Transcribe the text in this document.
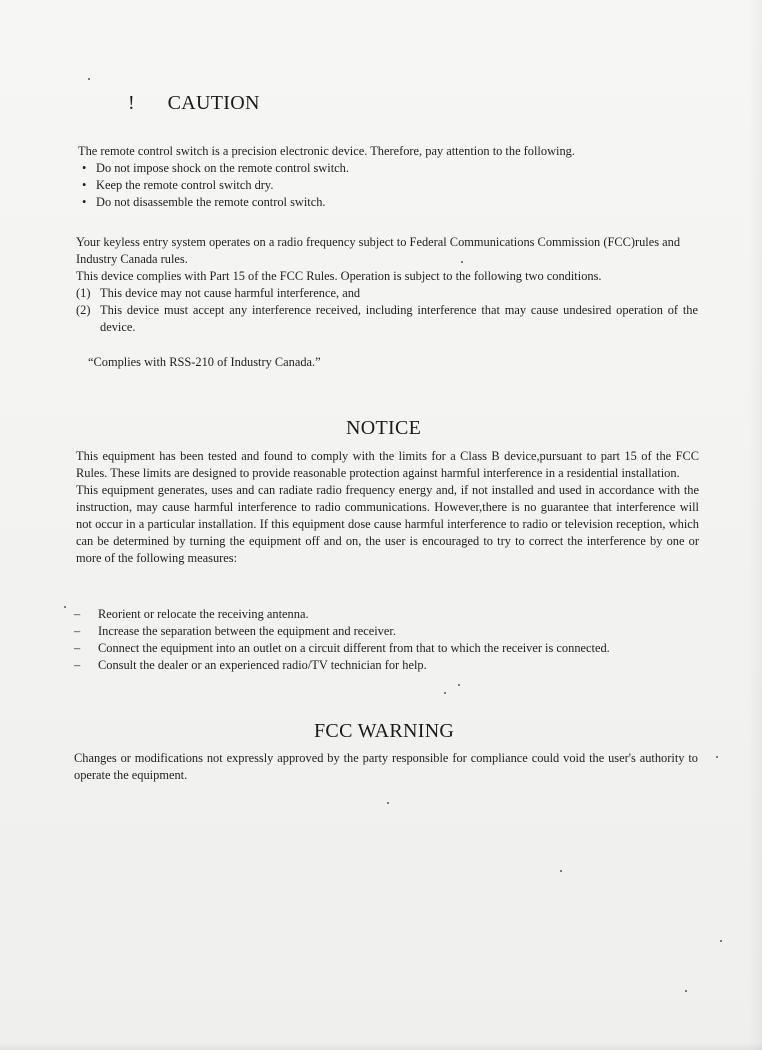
! CAUTION

The remote control switch is a precision electronic device. Therefore, pay attention to the following.

• Do not impose shock on the remote control switch.
• Keep the remote control switch dry.
• Do not disassemble the remote control switch.

Your keyless entry system operates on a radio frequency subject to Federal Communications Commission (FCC)rules and Industry Canada rules.

This device complies with Part 15 of the FCC Rules. Operation is subject to the following two conditions.

(1) This device may not cause harmful interference, and
(2) This device must accept any interference received, including interference that may cause undesired operation of the device.
“Complies with RSS-210 of Industry Canada.”
NOTICE

This equipment has been tested and found to comply with the limits for a Class B device,pursuant to part 15 of the FCC Rules. These limits are designed to provide reasonable protection against harmful interference in a residential installation.

This equipment generates, uses and can radiate radio frequency energy and, if not installed and used in accordance with the instruction, may cause harmful interference to radio communications. However,there is no guarantee that interference will not occur in a particular installation. If this equipment dose cause harmful interference to radio or television reception, which can be determined by turning the equipment off and on, the user is encouraged to try to correct the interference by one or more of the following measures:

– Reorient or relocate the receiving antenna.
– Increase the separation between the equipment and receiver.
– Connect the equipment into an outlet on a circuit different from that to which the receiver is connected.
– Consult the dealer or an experienced radio/TV technician for help.
FCC WARNING

Changes or modifications not expressly approved by the party responsible for compliance could void the user's authority to operate the equipment.
